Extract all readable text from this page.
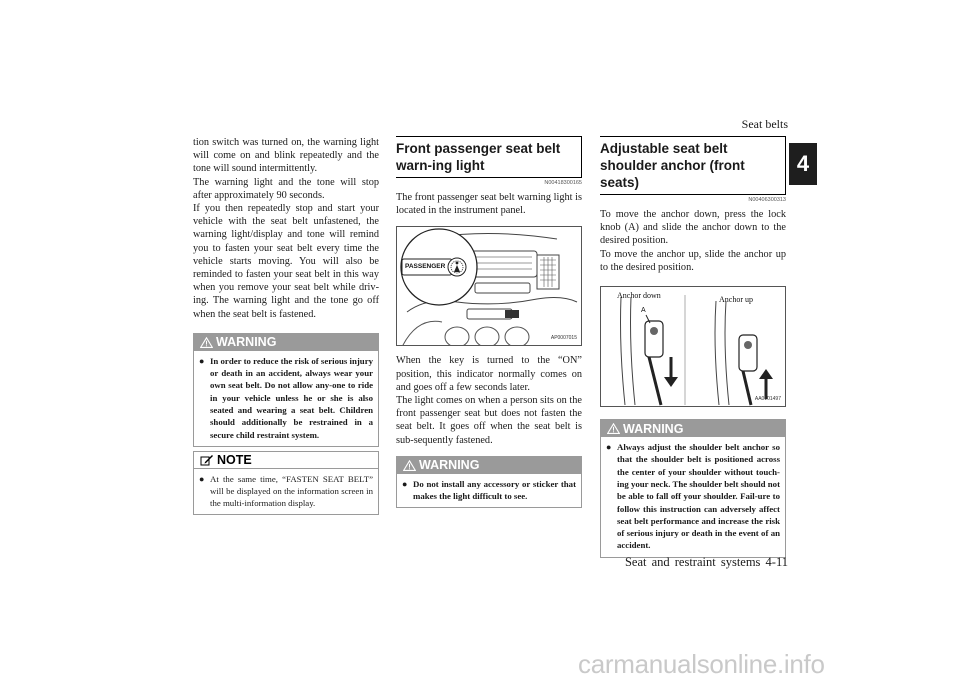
Seat belts
4

tion switch was turned on, the warning light will come on and blink repeatedly and the tone will sound intermittently.

The warning light and the tone will stop after approximately 90 seconds.

If you then repeatedly stop and start your vehicle with the seat belt unfastened, the warning light/display and tone will remind you to fasten your seat belt every time the vehicle starts moving. You will also be reminded to fasten your seat belt in this way when you remove your seat belt while driv-ing. The warning light and the tone go off when the seat belt is fastened.

WARNING
● In order to reduce the risk of serious injury or death in an accident, always wear your own seat belt. Do not allow any-one to ride in your vehicle unless he or she is also seated and wearing a seat belt. Children should additionally be restrained in a secure child restraint system.
NOTE
● At the same time, “FASTEN SEAT BELT” will be displayed on the information screen in the multi-information display.
Front passenger seat belt warn-ing light
N00418300165
The front passenger seat belt warning light is located in the instrument panel.
PASSENGER
AP0007015

When the key is turned to the “ON” position, this indicator normally comes on and goes off a few seconds later.

The light comes on when a person sits on the front passenger seat but does not fasten the seat belt. It goes off when the seat belt is sub-sequently fastened.

WARNING
● Do not install any accessory or sticker that makes the light difficult to see.
Adjustable seat belt shoulder anchor (front seats)
N00406300313

To move the anchor down, press the lock knob (A) and slide the anchor down to the desired position.

To move the anchor up, slide the anchor up to the desired position.

Anchor down	Anchor up
A
AA0101497
WARNING
● Always adjust the shoulder belt anchor so that the shoulder belt is positioned across the center of your shoulder without touch-ing your neck. The shoulder belt should not be able to fall off your shoulder. Fail-ure to follow this instruction can adversely affect seat belt performance and increase the risk of serious injury or death in the event of an accident.
Seat and restraint systems 4-11
carmanualsonline.info
